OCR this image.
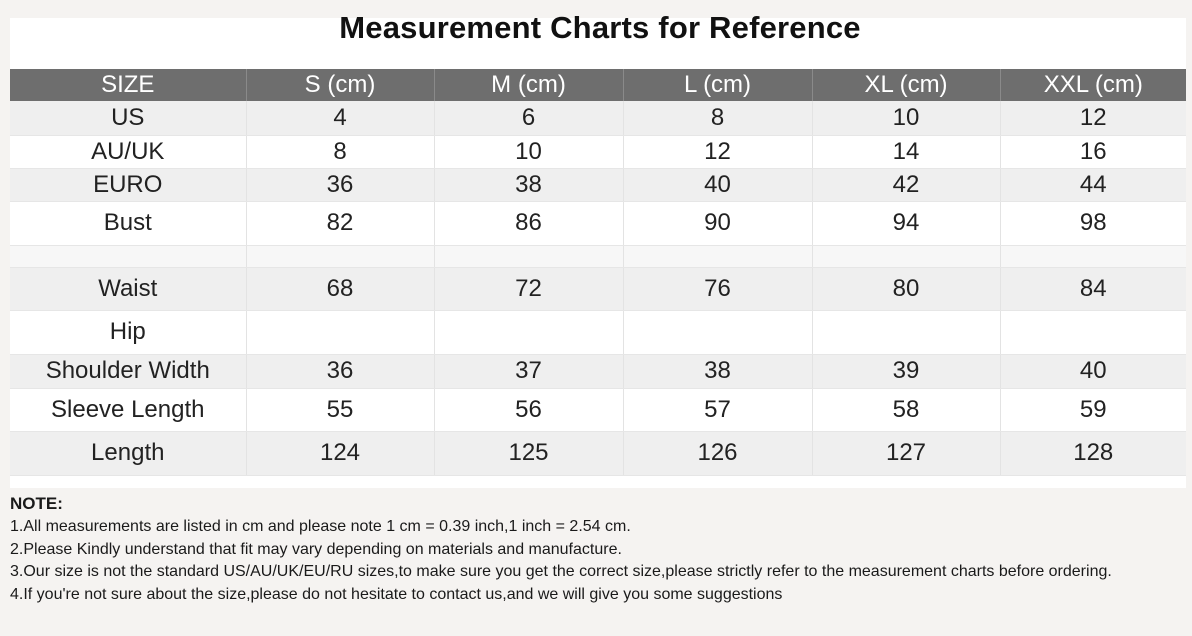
Measurement Charts for Reference
SIZE	S (cm)	M (cm)	L (cm)	XL (cm)	XXL (cm)
US	4	6	8	10	12
AU/UK	8	10	12	14	16
EURO	36	38	40	42	44
Bust	82	86	90	94	98

Waist	68	72	76	80	84
Hip					
Shoulder Width	36	37	38	39	40
Sleeve Length	55	56	57	58	59
Length	124	125	126	127	128
NOTE:
1.All measurements are listed in cm and please note 1 cm = 0.39 inch,1 inch = 2.54 cm.
2.Please Kindly understand that fit may vary depending on materials and manufacture.
3.Our size is not the standard US/AU/UK/EU/RU sizes,to make sure you get the correct size,please strictly refer to the measurement charts before ordering.
4.If you're not sure about the size,please do not hesitate to contact us,and we will give you some suggestions
